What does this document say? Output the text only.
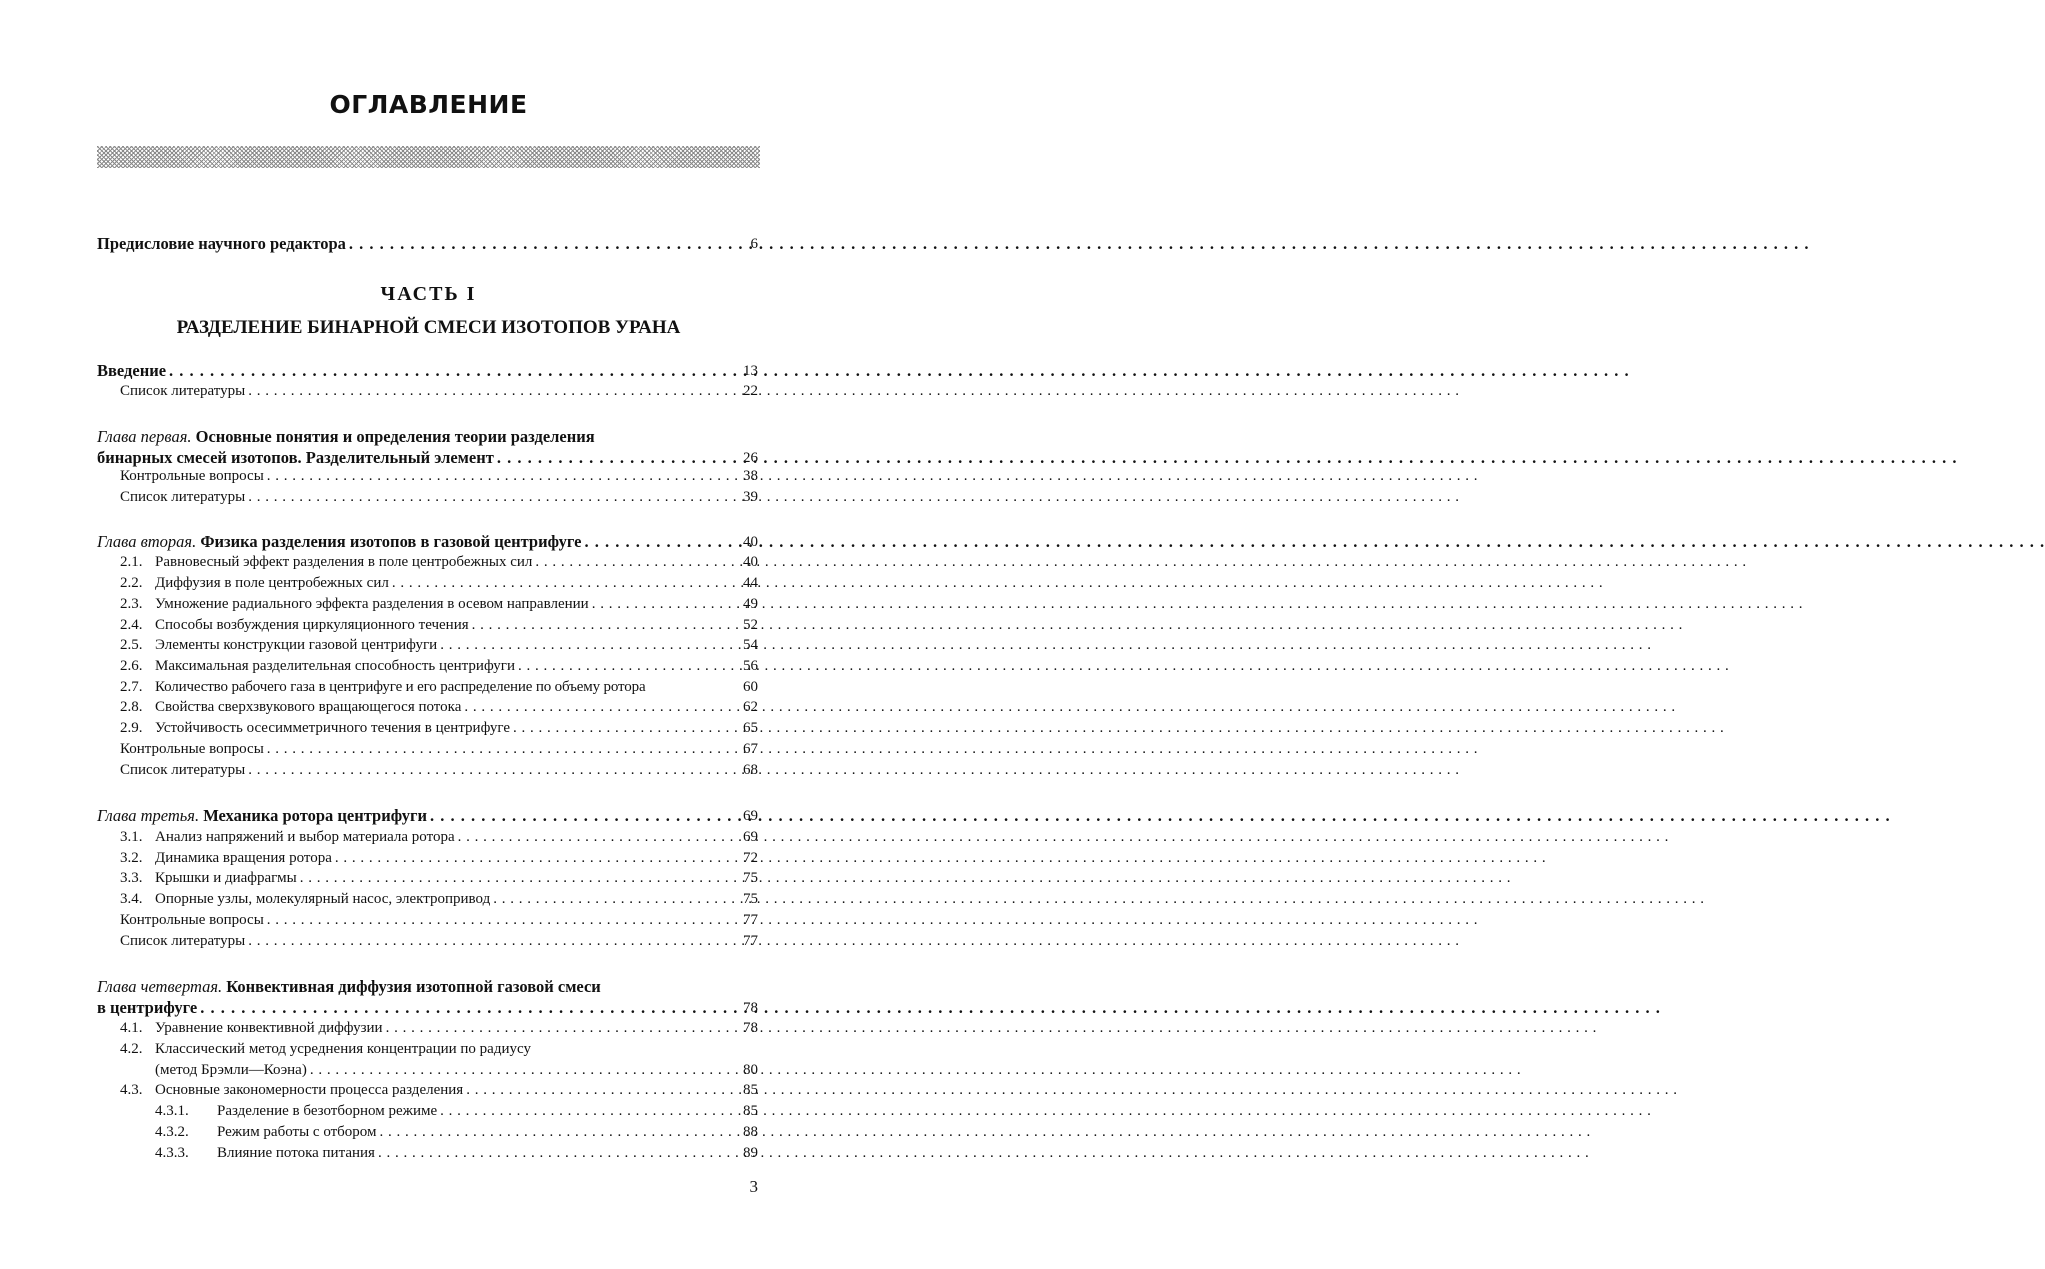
ОГЛАВЛЕНИЕ
Предисловие научного редактора . . .	6
ЧАСТЬ I
РАЗДЕЛЕНИЕ БИНАРНОЙ СМЕСИ ИЗОТОПОВ УРАНА
Введение . . .	13
Список литературы . . .	22
Глава первая. Основные понятия и определения теории разделения
бинарных смесей изотопов. Разделительный элемент . . .	26
Контрольные вопросы . . .	38
Список литературы . . .	39
Глава вторая. Физика разделения изотопов в газовой центрифуге . . .	40
2.1. Равновесный эффект разделения в поле центробежных сил . . .	40
2.2. Диффузия в поле центробежных сил . . .	44
2.3. Умножение радиального эффекта разделения в осевом направлении . . .	49
2.4. Способы возбуждения циркуляционного течения . . .	52
2.5. Элементы конструкции газовой центрифуги . . .	54
2.6. Максимальная разделительная способность центрифуги . . .	56
2.7. Количество рабочего газа в центрифуге и его распределение по объему ротора	60
2.8. Свойства сверхзвукового вращающегося потока . . .	62
2.9. Устойчивость осесимметричного течения в центрифуге . . .	65
Контрольные вопросы . . .	67
Список литературы . . .	68
Глава третья. Механика ротора центрифуги . . .	69
3.1. Анализ напряжений и выбор материала ротора . . .	69
3.2. Динамика вращения ротора . . .	72
3.3. Крышки и диафрагмы . . .	75
3.4. Опорные узлы, молекулярный насос, электропривод . . .	75
Контрольные вопросы . . .	77
Список литературы . . .	77
Глава четвертая. Конвективная диффузия изотопной газовой смеси
в центрифуге . . .	78
4.1. Уравнение конвективной диффузии . . .	78
4.2. Классический метод усреднения концентрации по радиусу
(метод Брэмли—Коэна) . . .	80
4.3. Основные закономерности процесса разделения . . .	85
4.3.1. Разделение в безотборном режиме . . .	85
4.3.2. Режим работы с отбором . . .	88
4.3.3. Влияние потока питания . . .	89
3
